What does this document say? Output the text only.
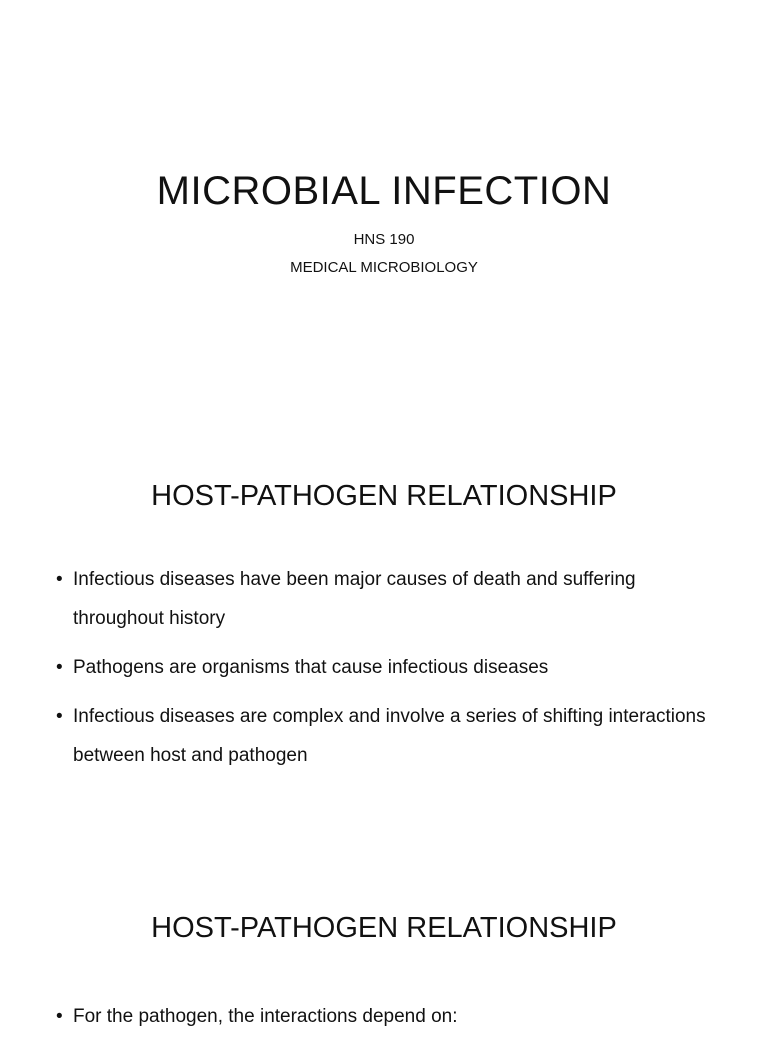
MICROBIAL INFECTION
HNS 190
MEDICAL MICROBIOLOGY
HOST-PATHOGEN RELATIONSHIP
• Infectious diseases have been major causes of death and suffering throughout history
• Pathogens are organisms that cause infectious diseases
• Infectious diseases are complex and involve a series of shifting interactions between host and pathogen
HOST-PATHOGEN RELATIONSHIP
• For the pathogen, the interactions depend on:
